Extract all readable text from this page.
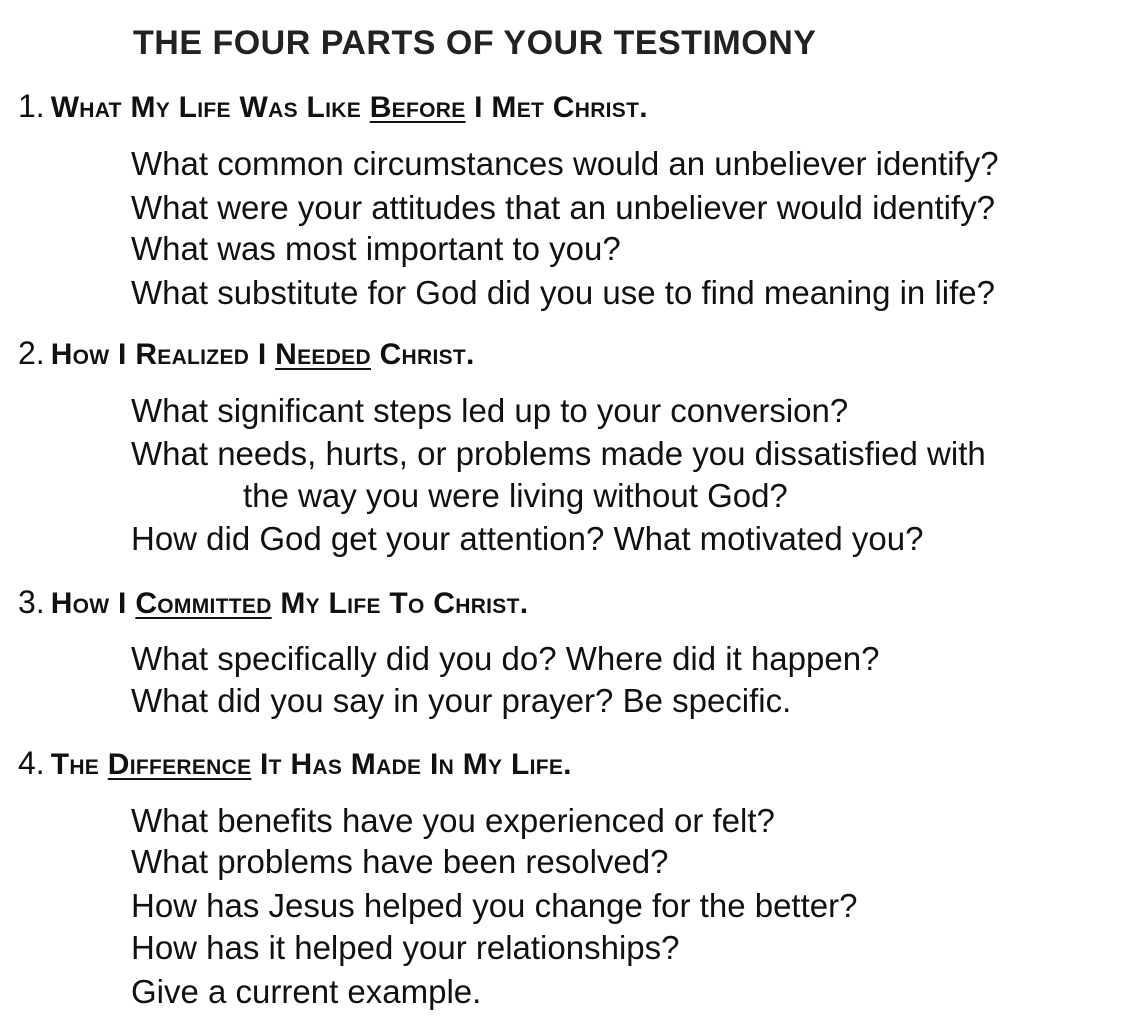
THE FOUR PARTS OF YOUR TESTIMONY
1. What My Life Was Like Before I Met Christ.
What common circumstances would an unbeliever identify?
What were your attitudes that an unbeliever would identify?
What was most important to you?
What substitute for God did you use to find meaning in life?
2. How I Realized I Needed Christ.
What significant steps led up to your conversion?
What needs, hurts, or problems made you dissatisfied with
the way you were living without God?
How did God get your attention? What motivated you?
3. How I Committed My Life To Christ.
What specifically did you do? Where did it happen?
What did you say in your prayer? Be specific.
4. The Difference It Has Made In My Life.
What benefits have you experienced or felt?
What problems have been resolved?
How has Jesus helped you change for the better?
How has it helped your relationships?
Give a current example.
